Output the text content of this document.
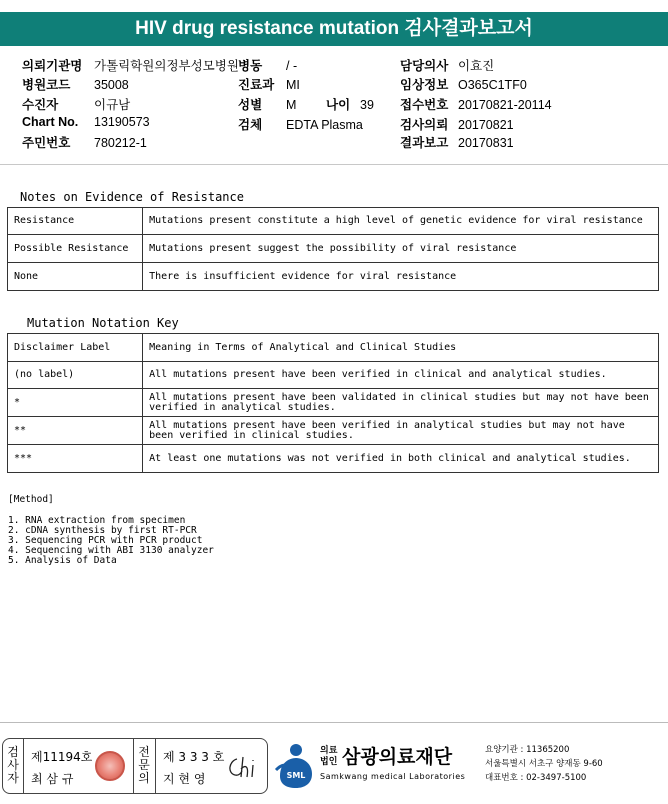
HIV drug resistance mutation 검사결과보고서
의뢰기관명 가톨릭학원의정부성모병원
병원코드 35008
수진자	이규남
Chart No. 13190573
주민번호 780212-1
병동 / -
진료과 MI
성별 M 나이 39
검체 EDTA Plasma
담당의사 이효진
임상정보 O365C1TF0
접수번호 20170821-20114
검사의뢰 20170821
결과보고 20170831
Notes on Evidence of Resistance
Resistance	Mutations present constitute a high level of genetic evidence for viral resistance
Possible Resistance	Mutations present suggest the possibility of viral resistance
None	There is insufficient evidence for viral resistance
Mutation Notation Key
Disclaimer Label	Meaning in Terms of Analytical and Clinical Studies
(no label)	All mutations present have been verified in clinical and analytical studies.
*	All mutations present have been validated in clinical studies but may not have been verified in analytical studies.
**	All mutations present have been verified in analytical studies but may not have been verified in clinical studies.
***	At least one mutations was not verified in both clinical and analytical studies.
[Method]
1. RNA extraction from specimen
2. cDNA synthesis by first RT-PCR
3. Sequencing PCR with PCR product
4. Sequencing with ABI 3130 analyzer
5. Analysis of Data
검사자
제11194호
최 삼 규
전문의
제 3 3 3 호
지 현 영	SML
의료
법인 삼광의료재단
Samkwang medical Laboratories
요양기관 : 11365200
서울특별시 서초구 양재동 9-60
대표번호 : 02-3497-5100
